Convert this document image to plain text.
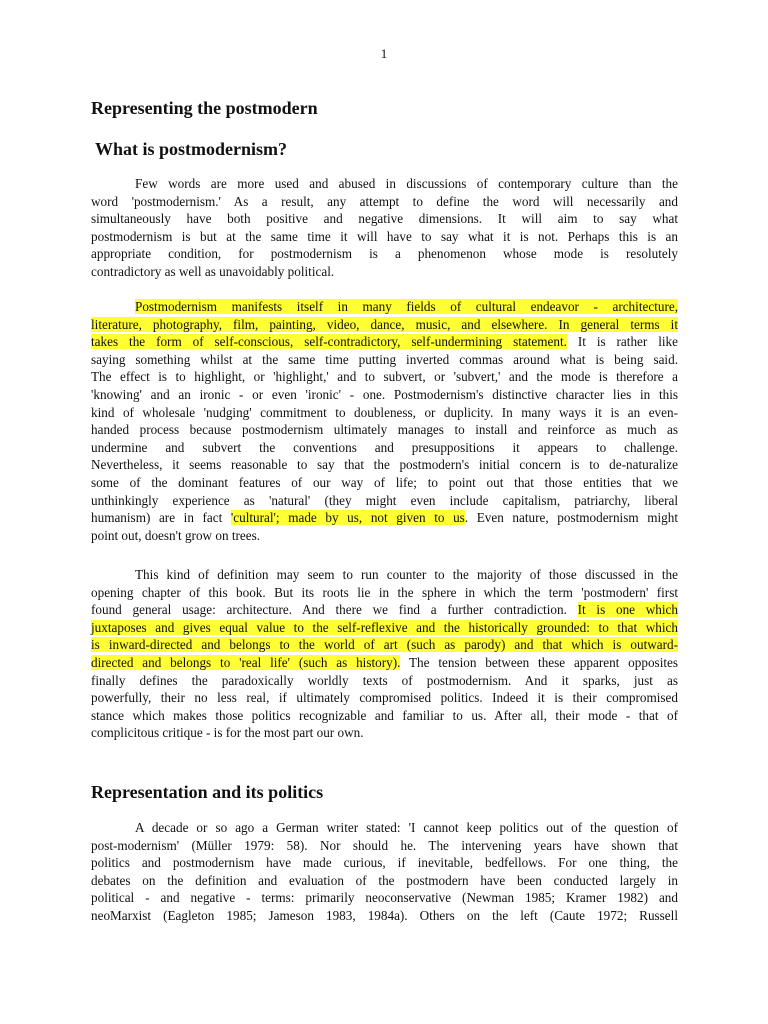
1
Representing the postmodern
What is postmodernism?
Few words are more used and abused in discussions of contemporary culture than the
word 'postmodernism.' As a result, any attempt to define the word will necessarily and
simultaneously have both positive and negative dimensions. It will aim to say what
postmodernism is but at the same time it will have to say what it is not. Perhaps this is an
appropriate condition, for postmodernism is a phenomenon whose mode is resolutely
contradictory as well as unavoidably political.
Postmodernism manifests itself in many fields of cultural endeavor - architecture,
literature, photography, film, painting, video, dance, music, and elsewhere. In general terms it
takes the form of self-conscious, self-contradictory, self-undermining statement. It is rather like
saying something whilst at the same time putting inverted commas around what is being said.
The effect is to highlight, or 'highlight,' and to subvert, or 'subvert,' and the mode is therefore a
'knowing' and an ironic - or even 'ironic' - one. Postmodernism's distinctive character lies in this
kind of wholesale 'nudging' commitment to doubleness, or duplicity. In many ways it is an even-
handed process because postmodernism ultimately manages to install and reinforce as much as
undermine and subvert the conventions and presuppositions it appears to challenge.
Nevertheless, it seems reasonable to say that the postmodern's initial concern is to de-naturalize
some of the dominant features of our way of life; to point out that those entities that we
unthinkingly experience as 'natural' (they might even include capitalism, patriarchy, liberal
humanism) are in fact 'cultural'; made by us, not given to us. Even nature, postmodernism might
point out, doesn't grow on trees.
This kind of definition may seem to run counter to the majority of those discussed in the
opening chapter of this book. But its roots lie in the sphere in which the term 'postmodern' first
found general usage: architecture. And there we find a further contradiction. It is one which
juxtaposes and gives equal value to the self-reflexive and the historically grounded: to that which
is inward-directed and belongs to the world of art (such as parody) and that which is outward-
directed and belongs to 'real life' (such as history). The tension between these apparent opposites
finally defines the paradoxically worldly texts of postmodernism. And it sparks, just as
powerfully, their no less real, if ultimately compromised politics. Indeed it is their compromised
stance which makes those politics recognizable and familiar to us. After all, their mode - that of
complicitous critique - is for the most part our own.
Representation and its politics
A decade or so ago a German writer stated: 'I cannot keep politics out of the question of
post-modernism' (Müller 1979: 58). Nor should he. The intervening years have shown that
politics and postmodernism have made curious, if inevitable, bedfellows. For one thing, the
debates on the definition and evaluation of the postmodern have been conducted largely in
political - and negative - terms: primarily neoconservative (Newman 1985; Kramer 1982) and
neoMarxist (Eagleton 1985; Jameson 1983, 1984a). Others on the left (Caute 1972; Russell
